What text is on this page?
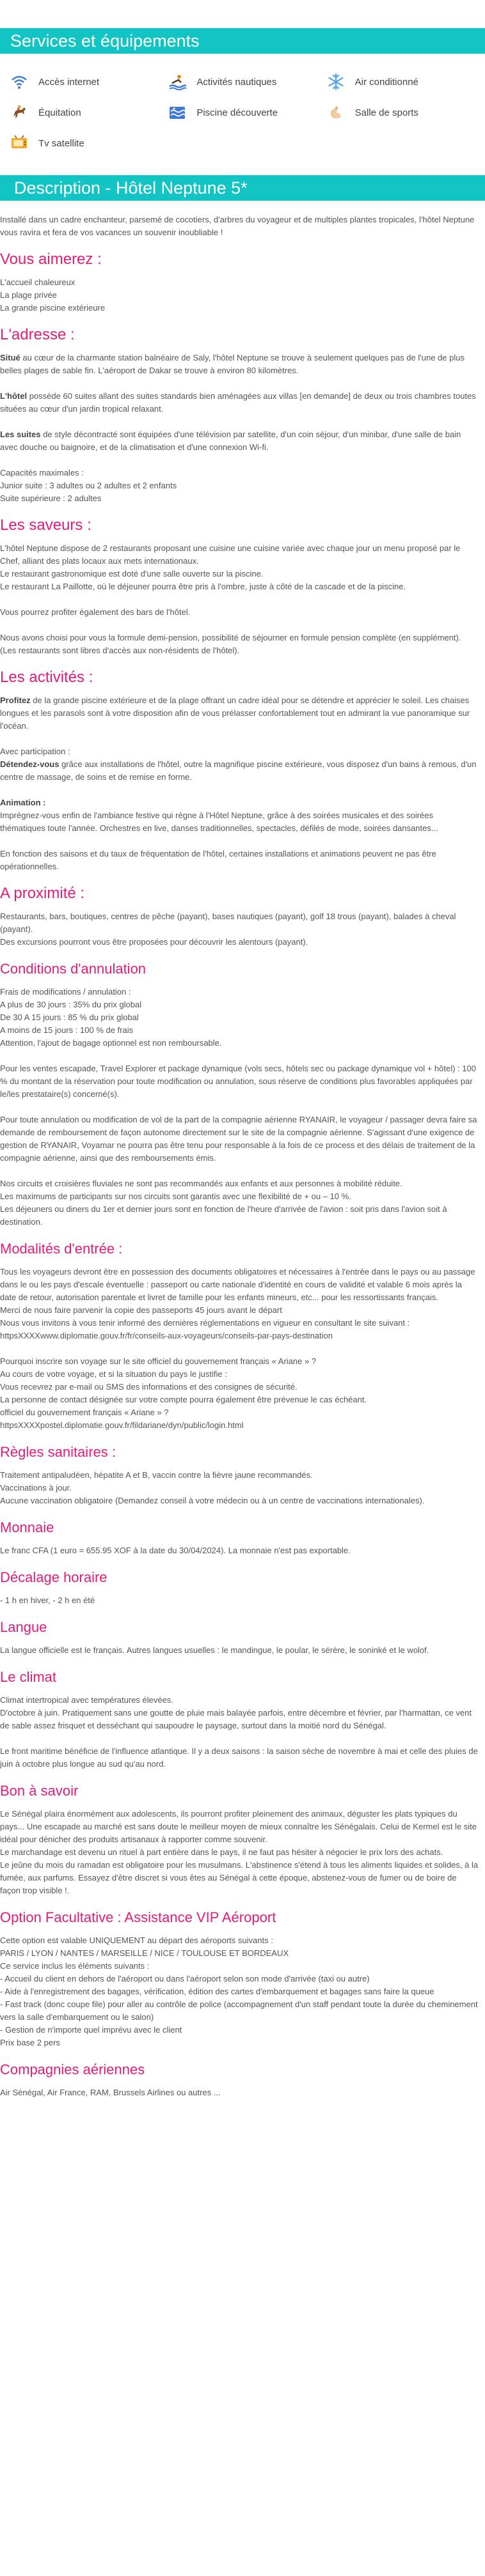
Services et équipements
Accès internet	Activités nautiques	Air conditionné
Équitation	Piscine découverte	Salle de sports
Tv satellite
Description - Hôtel Neptune 5*

Installé dans un cadre enchanteur, parsemé de cocotiers, d'arbres du voyageur et de multiples plantes tropicales, l'hôtel Neptune vous ravira et fera de vos vacances un souvenir inoubliable !

Vous aimerez :

L'accueil chaleureux
La plage privée
La grande piscine extérieure

L'adresse :

Situé au cœur de la charmante station balnéaire de Saly, l'hôtel Neptune se trouve à seulement quelques pas de l'une de plus belles plages de sable fin. L'aéroport de Dakar se trouve à environ 80 kilomètres.

L'hôtel possède 60 suites allant des suites standards bien aménagées aux villas [en demande] de deux ou trois chambres toutes situées au cœur d'un jardin tropical relaxant.

Les suites de style décontracté sont équipées d'une télévision par satellite, d'un coin séjour, d'un minibar, d'une salle de bain avec douche ou baignoire, et de la climatisation et d'une connexion Wi-fi.

Capacités maximales :
Junior suite : 3 adultes ou 2 adultes et 2 enfants
Suite supérieure : 2 adultes

Les saveurs :

L'hôtel Neptune dispose de 2 restaurants proposant une cuisine une cuisine variée avec chaque jour un menu proposé par le Chef, alliant des plats locaux aux mets internationaux.
Le restaurant gastronomique est doté d'une salle ouverte sur la piscine.
Le restaurant La Paillotte, où le déjeuner pourra être pris à l'ombre, juste à côté de la cascade et de la piscine.

Vous pourrez profiter également des bars de l'hôtel.

Nous avons choisi pour vous la formule demi-pension, possibilité de séjourner en formule pension complète (en supplément).
(Les restaurants sont libres d'accès aux non-résidents de l'hôtel).

Les activités :

Profitez de la grande piscine extérieure et de la plage offrant un cadre idéal pour se détendre et apprécier le soleil. Les chaises longues et les parasols sont à votre disposition afin de vous prélasser confortablement tout en admirant la vue panoramique sur l'océan.

Avec participation :

Détendez-vous grâce aux installations de l'hôtel, outre la magnifique piscine extérieure, vous disposez d'un bains à remous, d'un centre de massage, de soins et de remise en forme.

Animation :

Imprégnez-vous enfin de l'ambiance festive qui règne à l'Hôtel Neptune, grâce à des soirées musicales et des soirées thématiques toute l'année. Orchestres en live, danses traditionnelles, spectacles, défilés de mode, soirées dansantes...

En fonction des saisons et du taux de fréquentation de l'hôtel, certaines installations et animations peuvent ne pas être opérationnelles.

A proximité :

Restaurants, bars, boutiques, centres de pêche (payant), bases nautiques (payant), golf 18 trous (payant), balades à cheval (payant).
Des excursions pourront vous être proposées pour découvrir les alentours (payant).

Conditions d'annulation

Frais de modifications / annulation :
A plus de 30 jours : 35% du prix global
De 30 A 15 jours : 85 % du prix global
A moins de 15 jours : 100 % de frais
Attention, l'ajout de bagage optionnel est non remboursable.

Pour les ventes escapade, Travel Explorer et package dynamique (vols secs, hôtels sec ou package dynamique vol + hôtel) : 100 % du montant de la réservation pour toute modification ou annulation, sous réserve de conditions plus favorables appliquées par le/les prestataire(s) concerné(s).

Pour toute annulation ou modification de vol de la part de la compagnie aérienne RYANAIR, le voyageur / passager devra faire sa demande de remboursement de façon autonome directement sur le site de la compagnie aérienne. S'agissant d'une exigence de gestion de RYANAIR, Voyamar ne pourra pas être tenu pour responsable à la fois de ce process et des délais de traitement de la compagnie aérienne, ainsi que des remboursements émis.

Nos circuits et croisières fluviales ne sont pas recommandés aux enfants et aux personnes à mobilité réduite.
Les maximums de participants sur nos circuits sont garantis avec une flexibilité de + ou – 10 %.
Les déjeuners ou diners du 1er et dernier jours sont en fonction de l'heure d'arrivée de l'avion : soit pris dans l'avion soit à destination.

Modalités d'entrée :

Tous les voyageurs devront être en possession des documents obligatoires et nécessaires à l'entrée dans le pays ou au passage dans le ou les pays d'escale éventuelle : passeport ou carte nationale d'identité en cours de validité et valable 6 mois après la date de retour, autorisation parentale et livret de famille pour les enfants mineurs, etc... pour les ressortissants français.
Merci de nous faire parvenir la copie des passeports 45 jours avant le départ
Nous vous invitons à vous tenir informé des dernières réglementations en vigueur en consultant le site suivant : httpsXXXXwww.diplomatie.gouv.fr/fr/conseils-aux-voyageurs/conseils-par-pays-destination

Pourquoi inscrire son voyage sur le site officiel du gouvernement français « Ariane » ?
Au cours de votre voyage, et si la situation du pays le justifie :
Vous recevrez par e-mail ou SMS des informations et des consignes de sécurité.
La personne de contact désignée sur votre compte pourra également être prévenue le cas échéant.
officiel du gouvernement français « Ariane » ?
httpsXXXXpostel.diplomatie.gouv.fr/fildariane/dyn/public/login.html

Règles sanitaires :

Traitement antipaludéen, hépatite A et B, vaccin contre la fièvre jaune recommandés.
Vaccinations à jour.
Aucune vaccination obligatoire (Demandez conseil à votre médecin ou à un centre de vaccinations internationales).

Monnaie

Le franc CFA (1 euro = 655.95 XOF à la date du 30/04/2024). La monnaie n'est pas exportable.

Décalage horaire

- 1 h en hiver, - 2 h en été

Langue

La langue officielle est le français. Autres langues usuelles : le mandingue, le poular, le sérère, le soninké et le wolof.

Le climat

Climat intertropical avec températures élevées.
D'octobre à juin. Pratiquement sans une goutte de pluie mais balayée parfois, entre décembre et février, par l'harmattan, ce vent de sable assez frisquet et desséchant qui saupoudre le paysage, surtout dans la moitié nord du Sénégal.

Le front maritime bénéficie de l'influence atlantique. Il y a deux saisons : la saison sèche de novembre à mai et celle des pluies de juin à octobre plus longue au sud qu'au nord.

Bon à savoir

Le Sénégal plaira énormément aux adolescents, ils pourront profiter pleinement des animaux, déguster les plats typiques du pays... Une escapade au marché est sans doute le meilleur moyen de mieux connaître les Sénégalais. Celui de Kermel est le site idéal pour dénicher des produits artisanaux à rapporter comme souvenir.
Le marchandage est devenu un rituel à part entière dans le pays, il ne faut pas hésiter à négocier le prix lors des achats.
Le jeûne du mois du ramadan est obligatoire pour les musulmans. L'abstinence s'étend à tous les aliments liquides et solides, à la fumée, aux parfums. Essayez d'être discret si vous êtes au Sénégal à cette époque, abstenez-vous de fumer ou de boire de façon trop visible !.

Option Facultative : Assistance VIP Aéroport

Cette option est valable UNIQUEMENT au départ des aéroports suivants :
PARIS / LYON / NANTES / MARSEILLE / NICE / TOULOUSE ET BORDEAUX
Ce service inclus les éléments suivants :
- Accueil du client en dehors de l'aéroport ou dans l'aéroport selon son mode d'arrivée (taxi ou autre)
- Aide à l'enregistrement des bagages, vérification, édition des cartes d'embarquement et bagages sans faire la queue
- Fast track (donc coupe file) pour aller au contrôle de police (accompagnement d'un staff pendant toute la durée du cheminement vers la salle d'embarquement ou le salon)
- Gestion de n'importe quel imprévu avec le client
Prix base 2 pers

Compagnies aériennes

Air Sénégal, Air France, RAM, Brussels Airlines ou autres ...
